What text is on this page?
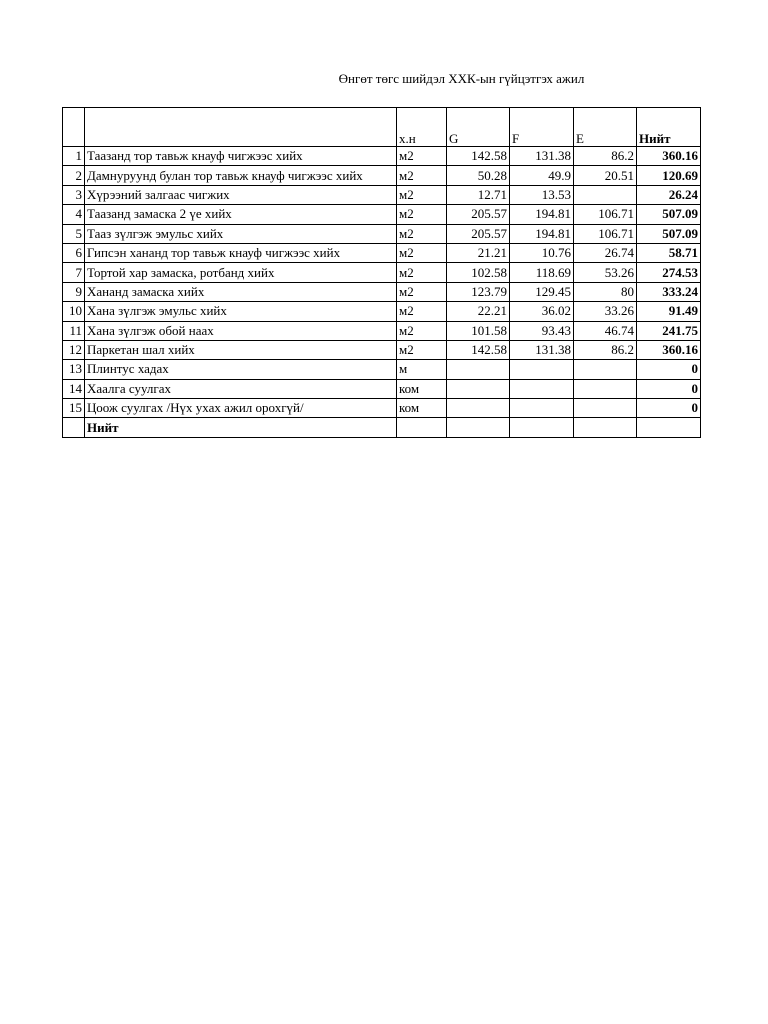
Өнгөт төгс шийдэл ХХК-ын гүйцэтгэх ажил
		х.н	G	F	E	Нийт
1	Таазанд тор тавьж кнауф чигжээс хийх	м2	142.58	131.38	86.2	360.16
2	Дамнуруунд булан тор тавьж кнауф чигжээс хийх	м2	50.28	49.9	20.51	120.69
3	Хүрээний залгаас чигжих	м2	12.71	13.53		26.24
4	Таазанд замаска 2 үе хийх	м2	205.57	194.81	106.71	507.09
5	Тааз зүлгэж эмульс хийх	м2	205.57	194.81	106.71	507.09
6	Гипсэн хананд тор тавьж кнауф чигжээс хийх	м2	21.21	10.76	26.74	58.71
7	Тортой хар замаска, ротбанд хийх	м2	102.58	118.69	53.26	274.53
9	Хананд замаска хийх	м2	123.79	129.45	80	333.24
10	Хана зүлгэж эмульс хийх	м2	22.21	36.02	33.26	91.49
11	Хана зүлгэж обой наах	м2	101.58	93.43	46.74	241.75
12	Паркетан шал хийх	м2	142.58	131.38	86.2	360.16
13	Плинтус хадах	м				0
14	Хаалга суулгах	ком				0
15	Цоож суулгах /Нүх ухах ажил орохгүй/	ком				0
	Нийт					
